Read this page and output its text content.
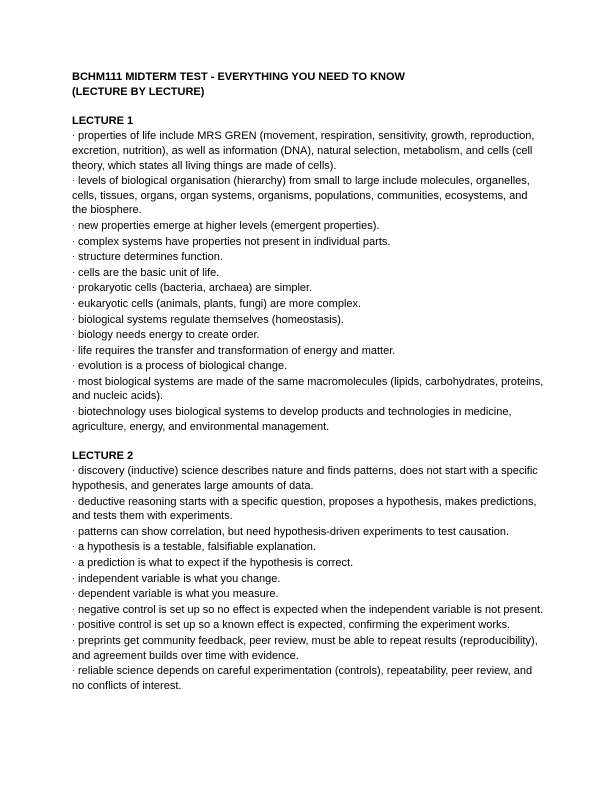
BCHM111 MIDTERM TEST - EVERYTHING YOU NEED TO KNOW
(LECTURE BY LECTURE)
LECTURE 1
· properties of life include MRS GREN (movement, respiration, sensitivity, growth, reproduction, excretion, nutrition), as well as information (DNA), natural selection, metabolism, and cells (cell theory, which states all living things are made of cells).
· levels of biological organisation (hierarchy) from small to large include molecules, organelles, cells, tissues, organs, organ systems, organisms, populations, communities, ecosystems, and the biosphere.
· new properties emerge at higher levels (emergent properties).
· complex systems have properties not present in individual parts.
· structure determines function.
· cells are the basic unit of life.
· prokaryotic cells (bacteria, archaea) are simpler.
· eukaryotic cells (animals, plants, fungi) are more complex.
· biological systems regulate themselves (homeostasis).
· biology needs energy to create order.
· life requires the transfer and transformation of energy and matter.
· evolution is a process of biological change.
· most biological systems are made of the same macromolecules (lipids, carbohydrates, proteins, and nucleic acids).
· biotechnology uses biological systems to develop products and technologies in medicine, agriculture, energy, and environmental management.
LECTURE 2
· discovery (inductive) science describes nature and finds patterns, does not start with a specific hypothesis, and generates large amounts of data.
· deductive reasoning starts with a specific question, proposes a hypothesis, makes predictions, and tests them with experiments.
· patterns can show correlation, but need hypothesis-driven experiments to test causation.
· a hypothesis is a testable, falsifiable explanation.
· a prediction is what to expect if the hypothesis is correct.
· independent variable is what you change.
· dependent variable is what you measure.
· negative control is set up so no effect is expected when the independent variable is not present.
· positive control is set up so a known effect is expected, confirming the experiment works.
· preprints get community feedback, peer review, must be able to repeat results (reproducibility), and agreement builds over time with evidence.
· reliable science depends on careful experimentation (controls), repeatability, peer review, and no conflicts of interest.
